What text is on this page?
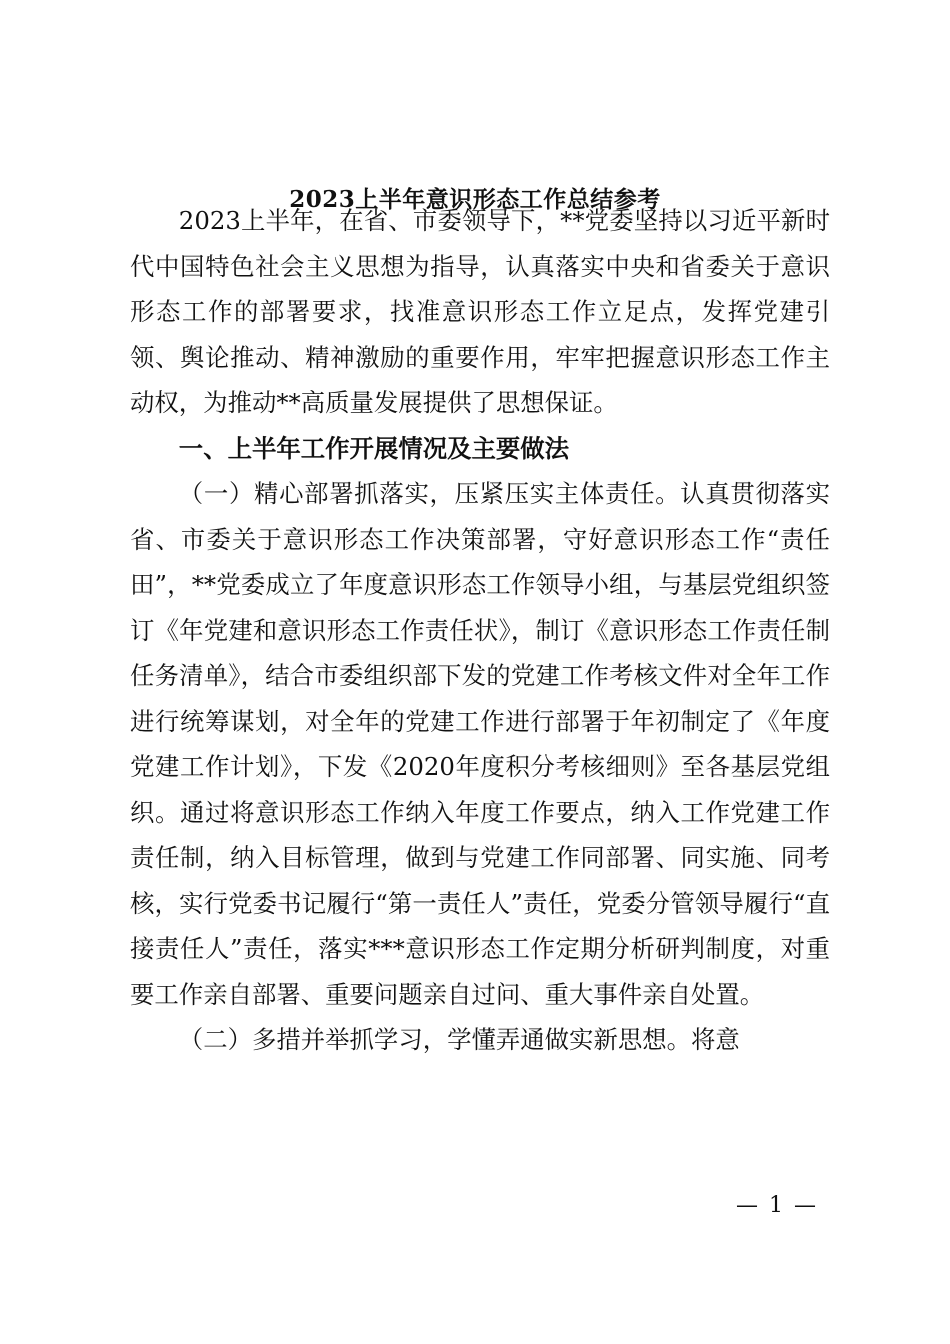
2023上半年意识形态工作总结参考

2023上半年，在省、市委领导下，**党委坚持以习近平新时代中国特色社会主义思想为指导，认真落实中央和省委关于意识形态工作的部署要求，找准意识形态工作立足点，发挥党建引领、舆论推动、精神激励的重要作用，牢牢把握意识形态工作主动权，为推动**高质量发展提供了思想保证。

一、上半年工作开展情况及主要做法

（一）精心部署抓落实，压紧压实主体责任。认真贯彻落实省、市委关于意识形态工作决策部署，守好意识形态工作“责任田”，**党委成立了年度意识形态工作领导小组，与基层党组织签订《年党建和意识形态工作责任状》，制订《意识形态工作责任制任务清单》，结合市委组织部下发的党建工作考核文件对全年工作进行统筹谋划，对全年的党建工作进行部署于年初制定了《年度党建工作计划》，下发《2020年度积分考核细则》至各基层党组织。通过将意识形态工作纳入年度工作要点，纳入工作党建工作责任制，纳入目标管理，做到与党建工作同部署、同实施、同考核，实行党委书记履行“第一责任人”责任，党委分管领导履行“直接责任人”责任，落实***意识形态工作定期分析研判制度，对重要工作亲自部署、重要问题亲自过问、重大事件亲自处置。

（二）多措并举抓学习，学懂弄通做实新思想。将意

— 1 —
